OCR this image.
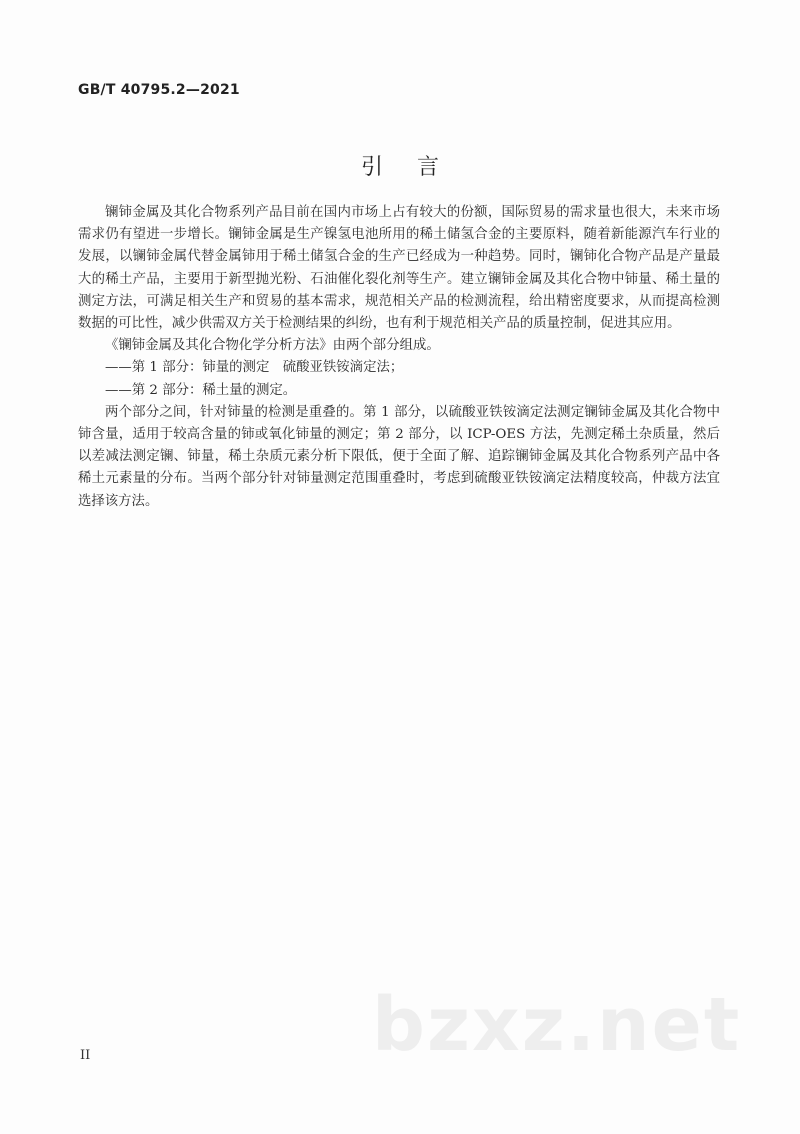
GB/T 40795.2—2021
引言

镧铈金属及其化合物系列产品目前在国内市场上占有较大的份额，国际贸易的需求量也很大，未来市场需求仍有望进一步增长。镧铈金属是生产镍氢电池所用的稀土储氢合金的主要原料，随着新能源汽车行业的发展，以镧铈金属代替金属铈用于稀土储氢合金的生产已经成为一种趋势。同时，镧铈化合物产品是产量最大的稀土产品，主要用于新型抛光粉、石油催化裂化剂等生产。建立镧铈金属及其化合物中铈量、稀土量的测定方法，可满足相关生产和贸易的基本需求，规范相关产品的检测流程，给出精密度要求，从而提高检测数据的可比性，减少供需双方关于检测结果的纠纷，也有利于规范相关产品的质量控制，促进其应用。

《镧铈金属及其化合物化学分析方法》由两个部分组成。

——第 1 部分：铈量的测定　硫酸亚铁铵滴定法；

——第 2 部分：稀土量的测定。

两个部分之间，针对铈量的检测是重叠的。第 1 部分，以硫酸亚铁铵滴定法测定镧铈金属及其化合物中铈含量，适用于较高含量的铈或氧化铈量的测定；第 2 部分，以 ICP-OES 方法，先测定稀土杂质量，然后以差减法测定镧、铈量，稀土杂质元素分析下限低，便于全面了解、追踪镧铈金属及其化合物系列产品中各稀土元素量的分布。当两个部分针对铈量测定范围重叠时，考虑到硫酸亚铁铵滴定法精度较高，仲裁方法宜选择该方法。

bzxz.net
II
